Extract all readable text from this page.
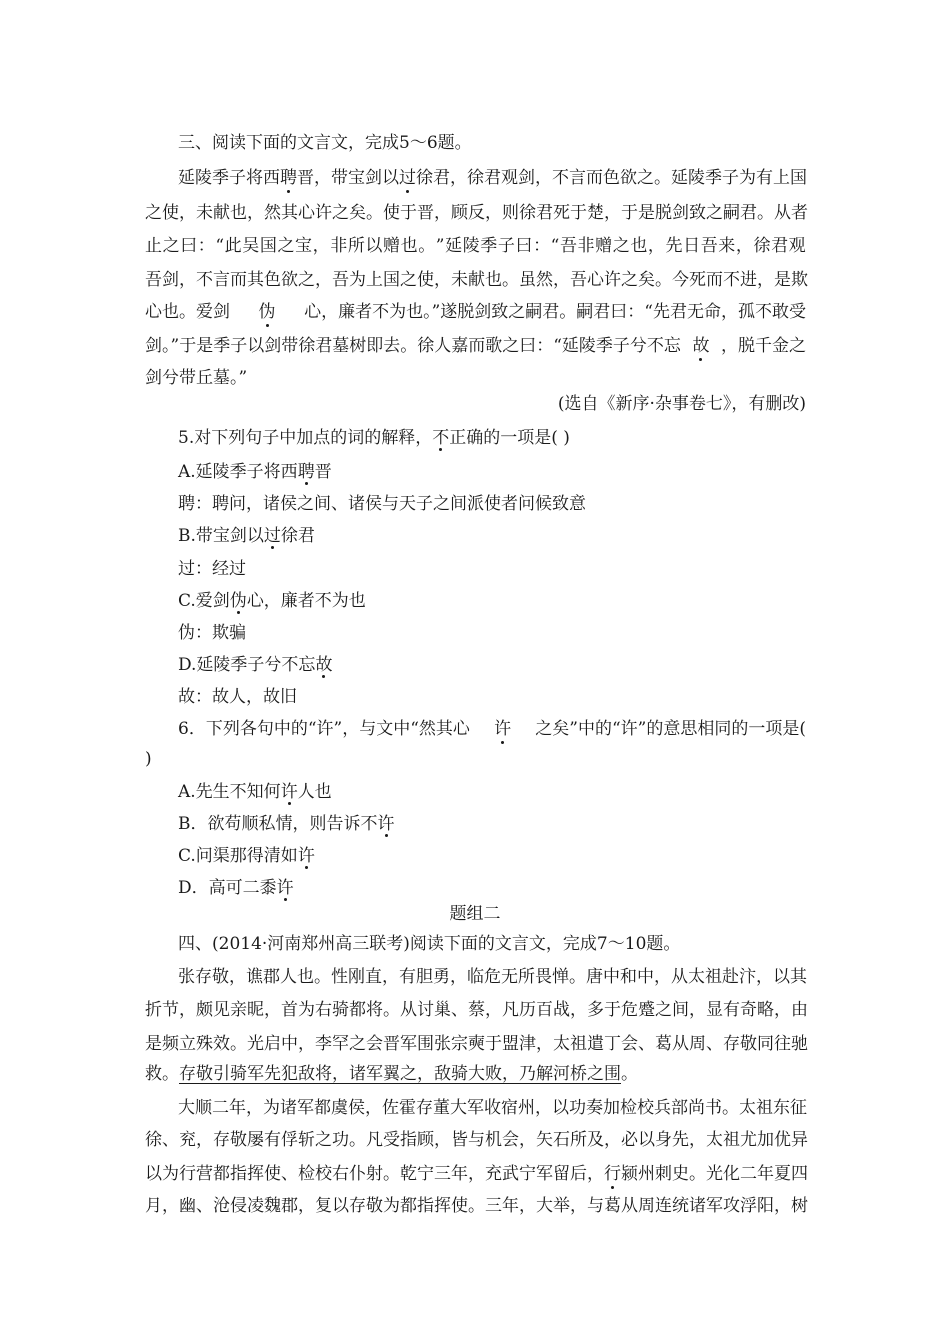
三、阅读下面的文言文，完成5～6题。
延陵季子将西 聘 晋，带宝剑以 过 徐君，徐君观剑，不言而色欲之。延陵季子为有上国
之 使 ， 未 献 也 ， 然 其 心 许 之 矣 。 使 于 晋 ， 顾 反 ， 则 徐 君 死 于 楚 ， 于 是 脱 剑 致 之 嗣 君 。 从 者
止 之 曰 ： “ 此 吴 国 之 宝 ， 非 所 以 赠 也 。 ” 延 陵 季 子 曰 ： “ 吾 非 赠 之 也 ， 先 日 吾 来 ， 徐 君 观
吾 剑 ， 不 言 而 其 色 欲 之 ， 吾 为 上 国 之 使 ， 未 献 也 。 虽 然 ， 吾 心 许 之 矣 。 今 死 而 不 进 ， 是 欺
心也。爱剑 伪 心，廉者不为也。”遂脱剑致之嗣君。嗣君曰：“先君无命，孤不敢受
剑。”于是季子以剑带徐君墓树即去。徐人嘉而歌之曰：“延陵季子兮不忘 故 ，脱千金之
剑兮带丘墓。”
(选自《新序·杂事卷七》，有删改)
5.对下列句子中加点的词的解释，不正确的一项是( )
A.延陵季子将西聘晋
聘：聘问，诸侯之间、诸侯与天子之间派使者问候致意
B.带宝剑以过徐君
过：经过
C.爱剑伪心，廉者不为也
伪：欺骗
D.延陵季子兮不忘故
故：故人，故旧
6．下列各句中的“许”，与文中“然其心 许 之矣”中的“许”的意思相同的一项是(
)
A.先生不知何许人也
B．欲苟顺私情，则告诉不许
C.问渠那得清如许
D．高可二黍许
题组二
四、(2014·河南郑州高三联考)阅读下面的文言文，完成7～10题。
张 存 敬 ， 谯 郡 人 也 。 性 刚 直 ， 有 胆 勇 ， 临 危 无 所 畏 惮 。 唐 中 和 中 ， 从 太 祖 赴 汴 ， 以 其
折 节 ， 颇 见 亲 昵 ， 首 为 右 骑 都 将 。 从 讨 巢 、 蔡 ， 凡 历 百 战 ， 多 于 危 蹙 之 间 ， 显 有 奇 略 ， 由
是 频 立 殊 效 。 光 启 中 ， 李 罕 之 会 晋 军 围 张 宗 奭 于 盟 津 ， 太 祖 遣 丁 会 、 葛 从 周 、 存 敬 同 往 驰
救。存敬引骑军先犯敌将，诸军翼之，敌骑大败，乃解河桥之围。
大 顺 二 年 ， 为 诸 军 都 虞 侯 ， 佐 霍 存 董 大 军 收 宿 州 ， 以 功 奏 加 检 校 兵 部 尚 书 。 太 祖 东 征
徐 、 兖 ， 存 敬 屡 有 俘 斩 之 功 。 凡 受 指 顾 ， 皆 与 机 会 ， 矢 石 所 及 ， 必 以 身 先 ， 太 祖 尤 加 优 异
以为行营都指挥使、检校右仆射。乾宁三年，充武宁军留后， 行 颍州刺史。光化二年夏四
月 ， 幽 、 沧 侵 凌 魏 郡 ， 复 以 存 敬 为 都 指 挥 使 。 三 年 ， 大 举 ， 与 葛 从 周 连 统 诸 军 攻 浮 阳 ， 树
